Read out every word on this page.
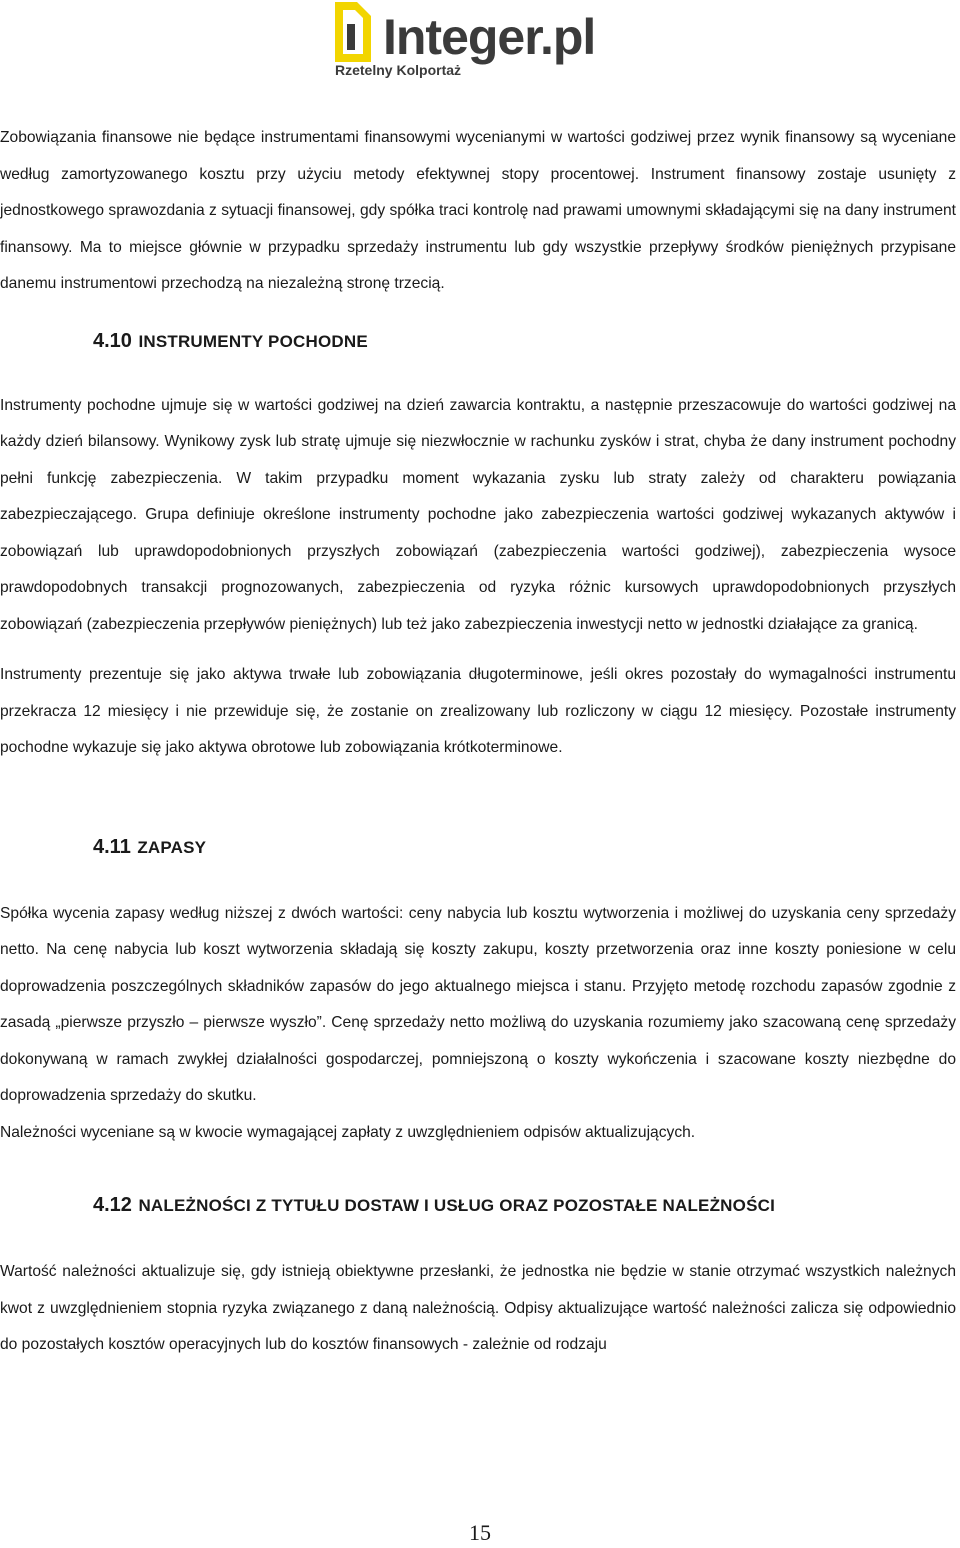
Integer.pl
Rzetelny Kolportaż

Zobowiązania finansowe nie będące instrumentami finansowymi wycenianymi w wartości godziwej przez wynik finansowy są wyceniane według zamortyzowanego kosztu przy użyciu metody efektywnej stopy procentowej. Instrument finansowy zostaje usunięty z jednostkowego sprawozdania z sytuacji finansowej, gdy spółka traci kontrolę nad prawami umownymi składającymi się na dany instrument finansowy. Ma to miejsce głównie w przypadku sprzedaży instrumentu lub gdy wszystkie przepływy środków pieniężnych przypisane danemu instrumentowi przechodzą na niezależną stronę trzecią.

4.10 INSTRUMENTY POCHODNE

Instrumenty pochodne ujmuje się w wartości godziwej na dzień zawarcia kontraktu, a następnie przeszacowuje do wartości godziwej na każdy dzień bilansowy. Wynikowy zysk lub stratę ujmuje się niezwłocznie w rachunku zysków i strat, chyba że dany instrument pochodny pełni funkcję zabezpieczenia. W takim przypadku moment wykazania zysku lub straty zależy od charakteru powiązania zabezpieczającego. Grupa definiuje określone instrumenty pochodne jako zabezpieczenia wartości godziwej wykazanych aktywów i zobowiązań lub uprawdopodobnionych przyszłych zobowiązań (zabezpieczenia wartości godziwej), zabezpieczenia wysoce prawdopodobnych transakcji prognozowanych, zabezpieczenia od ryzyka różnic kursowych uprawdopodobnionych przyszłych zobowiązań (zabezpieczenia przepływów pieniężnych) lub też jako zabezpieczenia inwestycji netto w jednostki działające za granicą.

Instrumenty prezentuje się jako aktywa trwałe lub zobowiązania długoterminowe, jeśli okres pozostały do wymagalności instrumentu przekracza 12 miesięcy i nie przewiduje się, że zostanie on zrealizowany lub rozliczony w ciągu 12 miesięcy. Pozostałe instrumenty pochodne wykazuje się jako aktywa obrotowe lub zobowiązania krótkoterminowe.

4.11 ZAPASY

Spółka wycenia zapasy według niższej z dwóch wartości: ceny nabycia lub kosztu wytworzenia i możliwej do uzyskania ceny sprzedaży netto. Na cenę nabycia lub koszt wytworzenia składają się koszty zakupu, koszty przetworzenia oraz inne koszty poniesione w celu doprowadzenia poszczególnych składników zapasów do jego aktualnego miejsca i stanu. Przyjęto metodę rozchodu zapasów zgodnie z zasadą „pierwsze przyszło – pierwsze wyszło”. Cenę sprzedaży netto możliwą do uzyskania rozumiemy jako szacowaną cenę sprzedaży dokonywaną w ramach zwykłej działalności gospodarczej, pomniejszoną o koszty wykończenia i szacowane koszty niezbędne do doprowadzenia sprzedaży do skutku.

Należności wyceniane są w kwocie wymagającej zapłaty z uwzględnieniem odpisów aktualizujących.

4.12 NALEŻNOŚCI Z TYTUŁU DOSTAW I USŁUG ORAZ POZOSTAŁE NALEŻNOŚCI

Wartość należności aktualizuje się, gdy istnieją obiektywne przesłanki, że jednostka nie będzie w stanie otrzymać wszystkich należnych kwot z uwzględnieniem stopnia ryzyka związanego z daną należnością. Odpisy aktualizujące wartość należności zalicza się odpowiednio do pozostałych kosztów operacyjnych lub do kosztów finansowych - zależnie od rodzaju

15
